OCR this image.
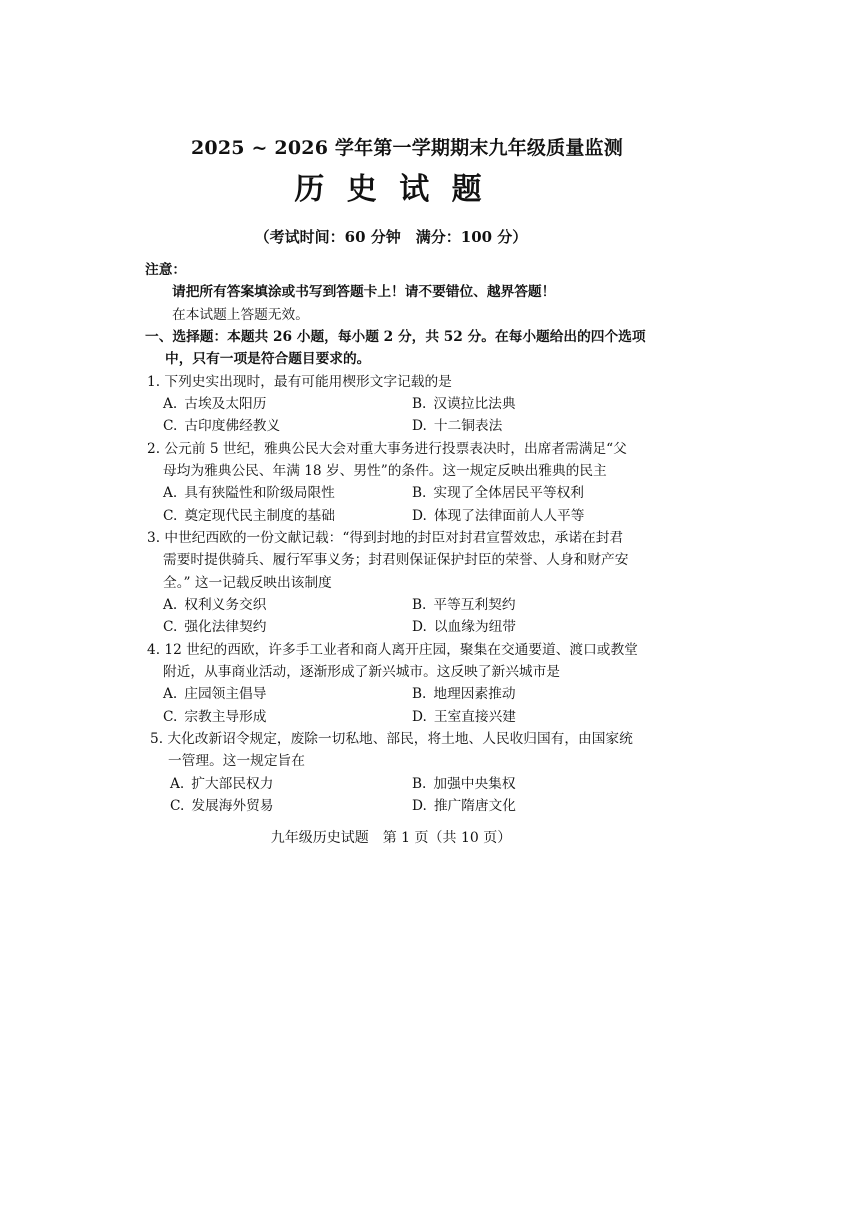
2025 ~ 2026 学年第一学期期末九年级质量监测
历 史 试 题
（考试时间：60 分钟　满分：100 分）
注意：
请把所有答案填涂或书写到答题卡上！请不要错位、越界答题！
在本试题上答题无效。
一、选择题：本题共 26 小题，每小题 2 分，共 52 分。在每小题给出的四个选项
中，只有一项是符合题目要求的。
1. 下列史实出现时，最有可能用楔形文字记载的是
A. 古埃及太阳历	B. 汉谟拉比法典
C. 古印度佛经教义	D. 十二铜表法
2. 公元前 5 世纪，雅典公民大会对重大事务进行投票表决时，出席者需满足“父
母均为雅典公民、年满 18 岁、男性”的条件。这一规定反映出雅典的民主
A. 具有狭隘性和阶级局限性	B. 实现了全体居民平等权利
C. 奠定现代民主制度的基础	D. 体现了法律面前人人平等
3. 中世纪西欧的一份文献记载：“得到封地的封臣对封君宣誓效忠，承诺在封君
需要时提供骑兵、履行军事义务；封君则保证保护封臣的荣誉、人身和财产安
全。” 这一记载反映出该制度
A. 权利义务交织	B. 平等互利契约
C. 强化法律契约	D. 以血缘为纽带
4. 12 世纪的西欧，许多手工业者和商人离开庄园，聚集在交通要道、渡口或教堂
附近，从事商业活动，逐渐形成了新兴城市。这反映了新兴城市是
A. 庄园领主倡导	B. 地理因素推动
C. 宗教主导形成	D. 王室直接兴建
5. 大化改新诏令规定，废除一切私地、部民，将土地、人民收归国有，由国家统
一管理。这一规定旨在
A. 扩大部民权力	B. 加强中央集权
C. 发展海外贸易	D. 推广隋唐文化
九年级历史试题　第 1 页（共 10 页）
